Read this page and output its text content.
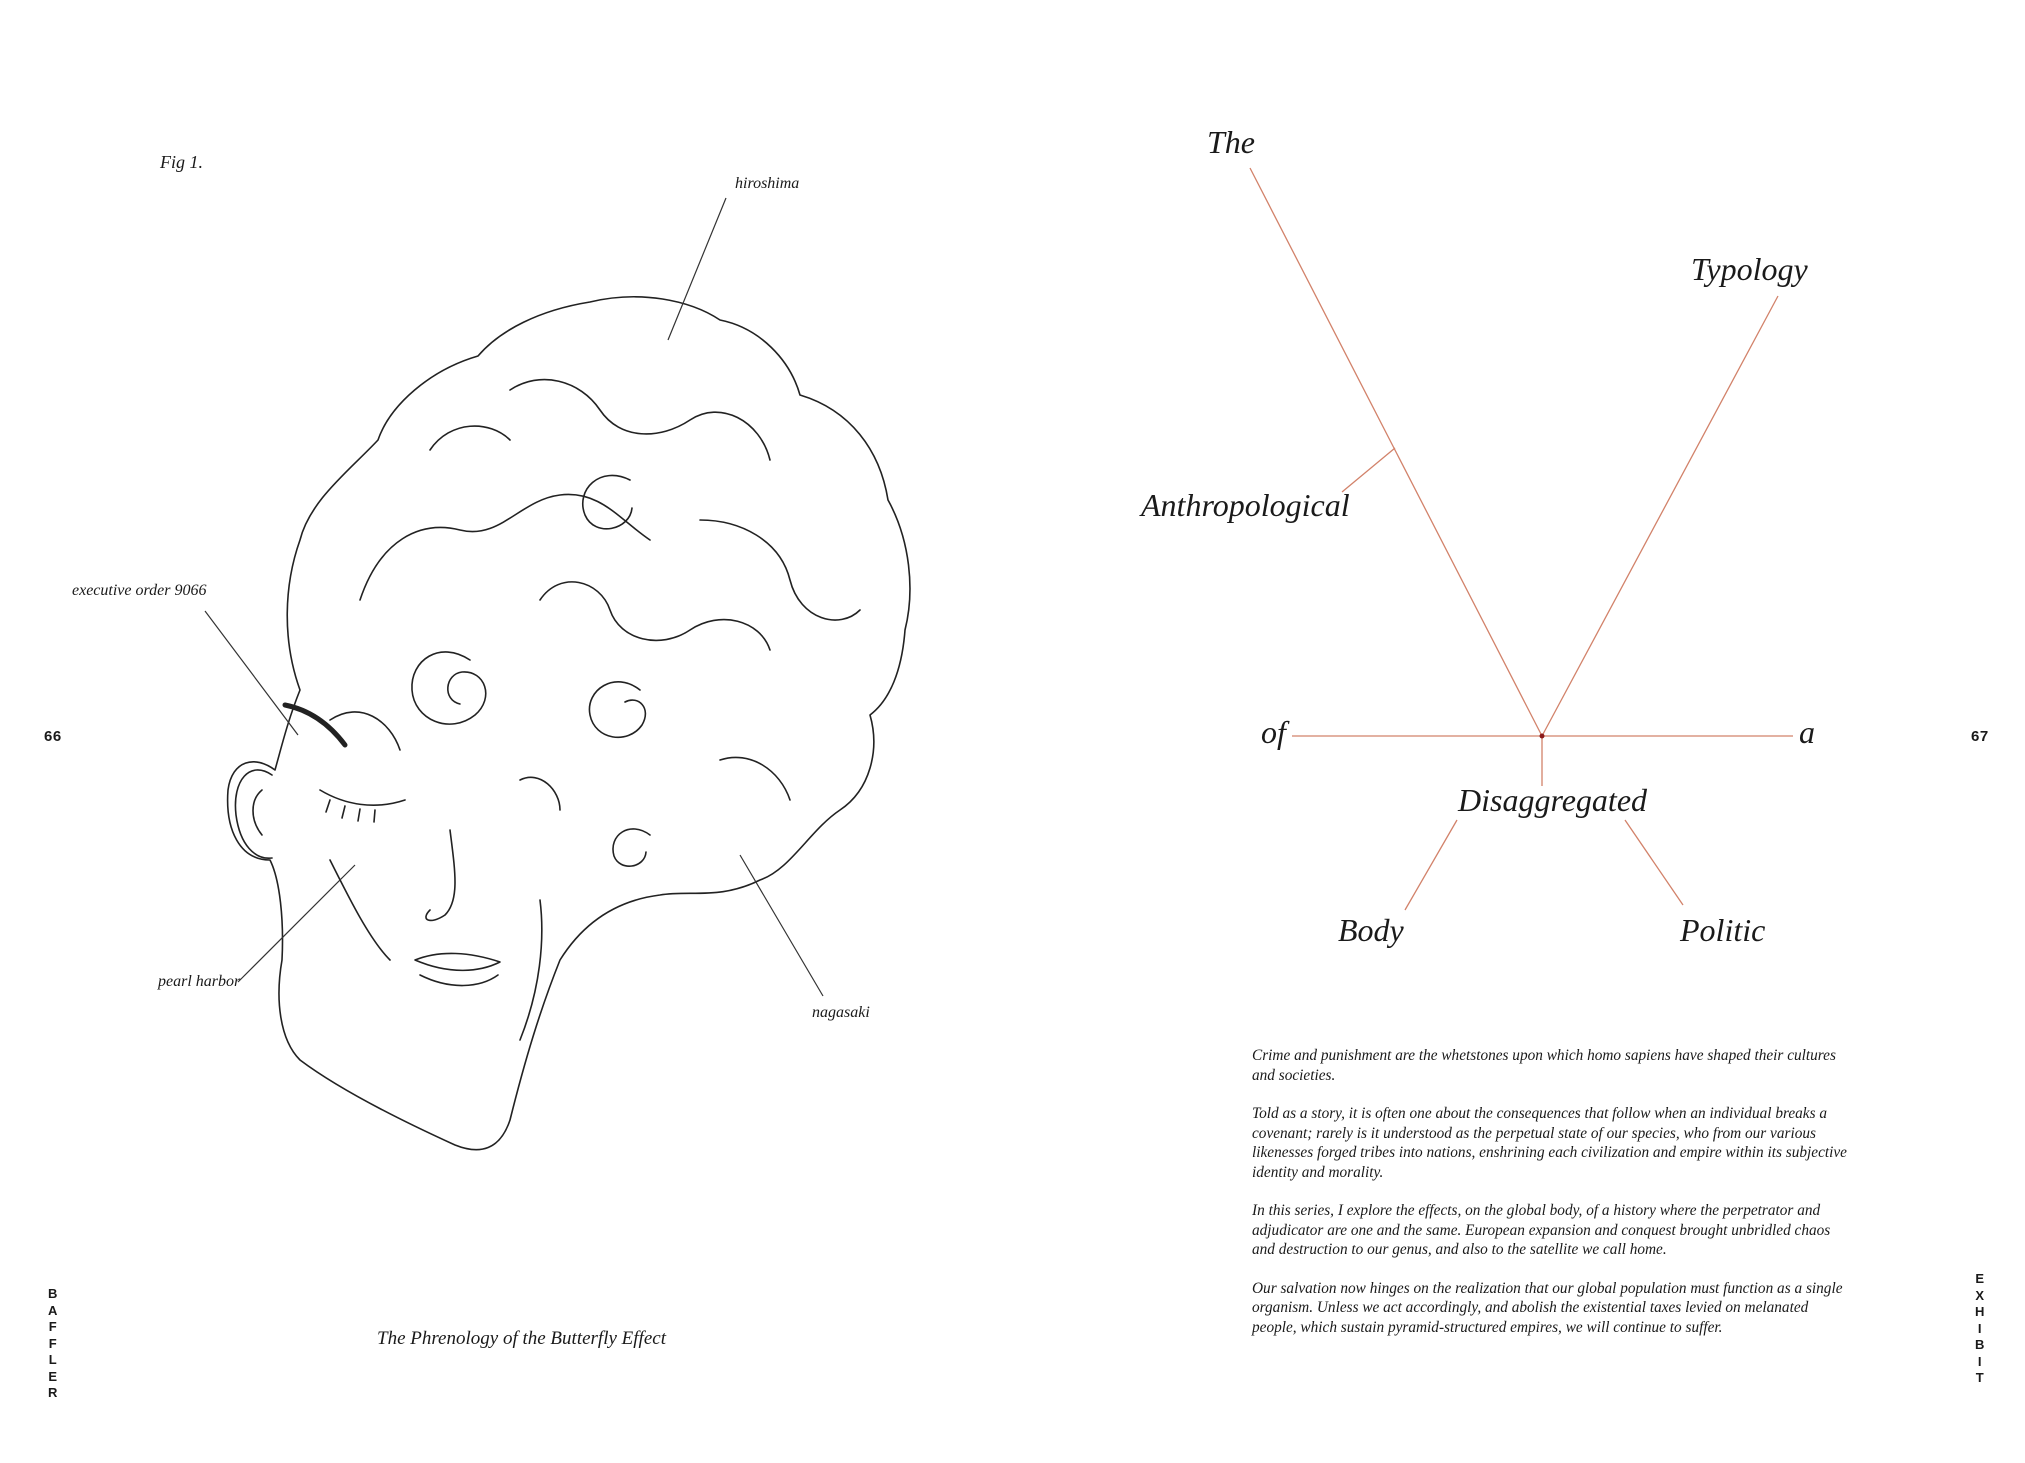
Fig 1.
66
B
A
F
F
L
E
R
hiroshima
executive order 9066
pearl harbor
nagasaki
The Phrenology of the Butterfly Effect
The
Anthropological
Typology
of	a
Disaggregated
Body	Politic

Crime and punishment are the whetstones upon which homo sapiens have shaped their cultures and societies.

Told as a story, it is often one about the consequences that follow when an individual breaks a covenant; rarely is it understood as the perpetual state of our species, who from our various likenesses forged tribes into nations, enshrining each civilization and empire within its subjective identity and morality.

In this series, I explore the effects, on the global body, of a history where the perpetrator and adjudicator are one and the same. European expansion and conquest brought unbridled chaos and destruction to our genus, and also to the satellite we call home.

Our salvation now hinges on the realization that our global population must function as a single organism. Unless we act accordingly, and abolish the existential taxes levied on melanated people, which sustain pyramid-structured empires, we will continue to suffer.

67
E
X
H
I
B
I
T
